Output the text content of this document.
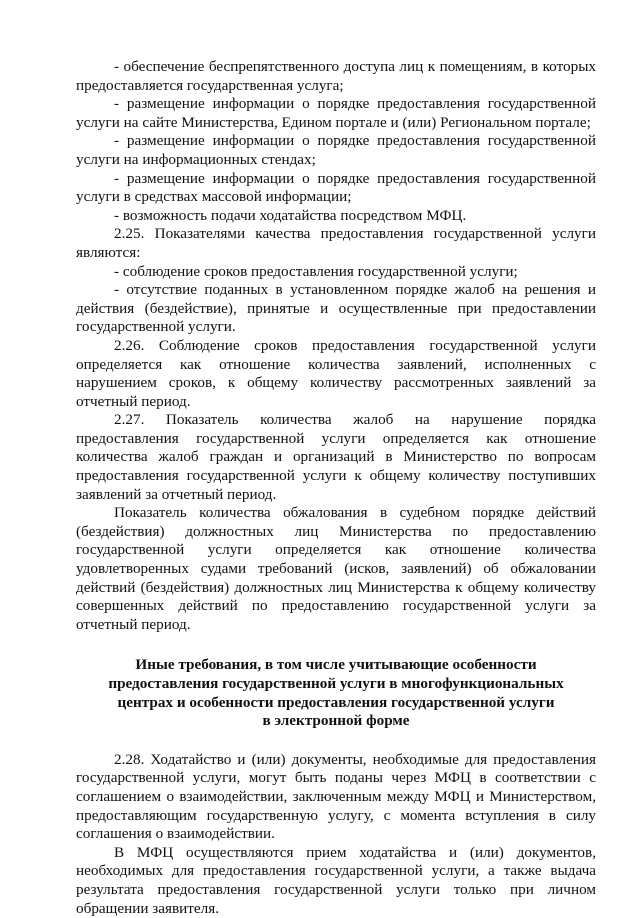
- обеспечение беспрепятственного доступа лиц к помещениям, в которых предоставляется государственная услуга;

- размещение информации о порядке предоставления государственной услуги на сайте Министерства, Едином портале и (или) Региональном портале;

- размещение информации о порядке предоставления государственной услуги на информационных стендах;

- размещение информации о порядке предоставления государственной услуги в средствах массовой информации;

- возможность подачи ходатайства посредством МФЦ.

2.25. Показателями качества предоставления государственной услуги являются:

- соблюдение сроков предоставления государственной услуги;

- отсутствие поданных в установленном порядке жалоб на решения и действия (бездействие), принятые и осуществленные при предоставлении государственной услуги.

2.26. Соблюдение сроков предоставления государственной услуги определяется как отношение количества заявлений, исполненных с нарушением сроков, к общему количеству рассмотренных заявлений за отчетный период.

2.27. Показатель количества жалоб на нарушение порядка предоставления государственной услуги определяется как отношение количества жалоб граждан и организаций в Министерство по вопросам предоставления государственной услуги к общему количеству поступивших заявлений за отчетный период.

Показатель количества обжалования в судебном порядке действий (бездействия) должностных лиц Министерства по предоставлению государственной услуги определяется как отношение количества удовлетворенных судами требований (исков, заявлений) об обжаловании действий (бездействия) должностных лиц Министерства к общему количеству совершенных действий по предоставлению государственной услуги за отчетный период.

Иные требования, в том числе учитывающие особенности
предоставления государственной услуги в многофункциональных
центрах и особенности предоставления государственной услуги
в электронной форме

2.28. Ходатайство и (или) документы, необходимые для предоставления государственной услуги, могут быть поданы через МФЦ в соответствии с соглашением о взаимодействии, заключенным между МФЦ и Министерством, предоставляющим государственную услугу, с момента вступления в силу соглашения о взаимодействии.

В МФЦ осуществляются прием ходатайства и (или) документов, необходимых для предоставления государственной услуги, а также выдача результата предоставления государственной услуги только при личном обращении заявителя.
